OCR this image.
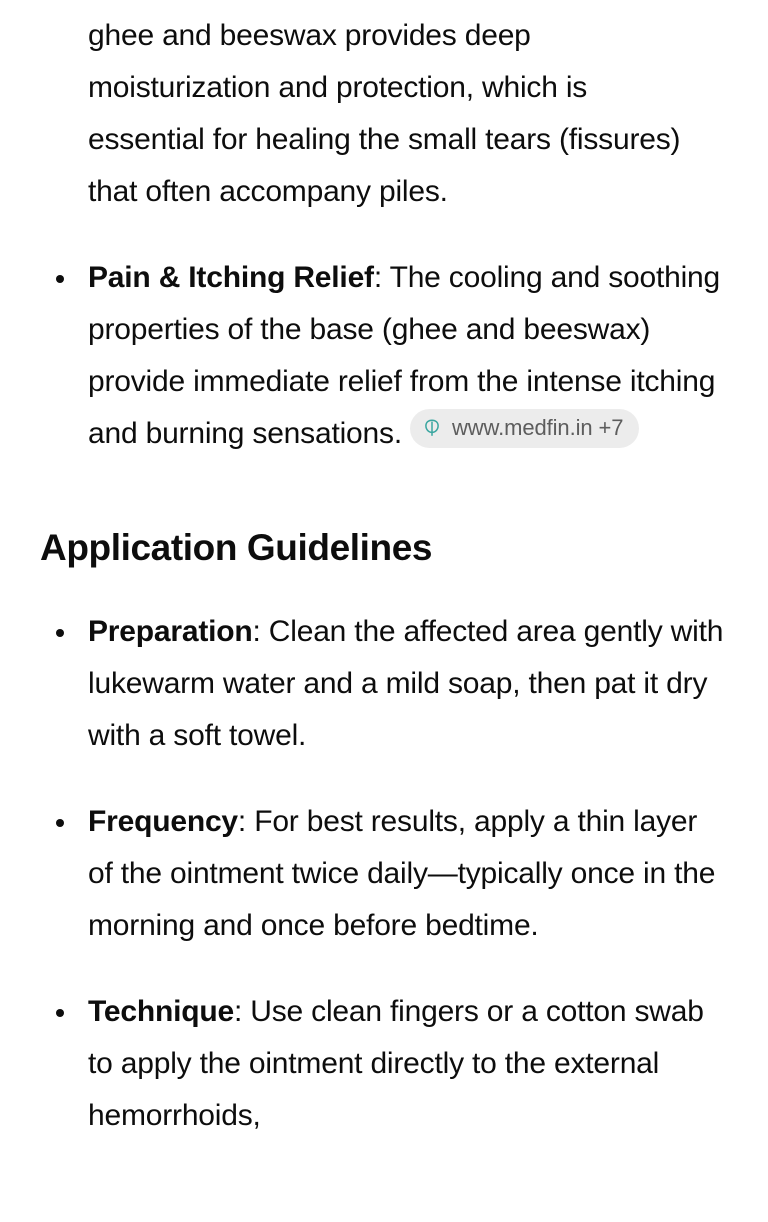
ghee and beeswax provides deep moisturization and protection, which is essential for healing the small tears (fissures) that often accompany piles.

Pain & Itching Relief: The cooling and soothing properties of the base (ghee and beeswax) provide immediate relief from the intense itching and burning sensations. www.medfin.in +7
Application Guidelines
Preparation: Clean the affected area gently with lukewarm water and a mild soap, then pat it dry with a soft towel.
Frequency: For best results, apply a thin layer of the ointment twice daily—typically once in the morning and once before bedtime.
Technique: Use clean fingers or a cotton swab to apply the ointment directly to the external hemorrhoids,
